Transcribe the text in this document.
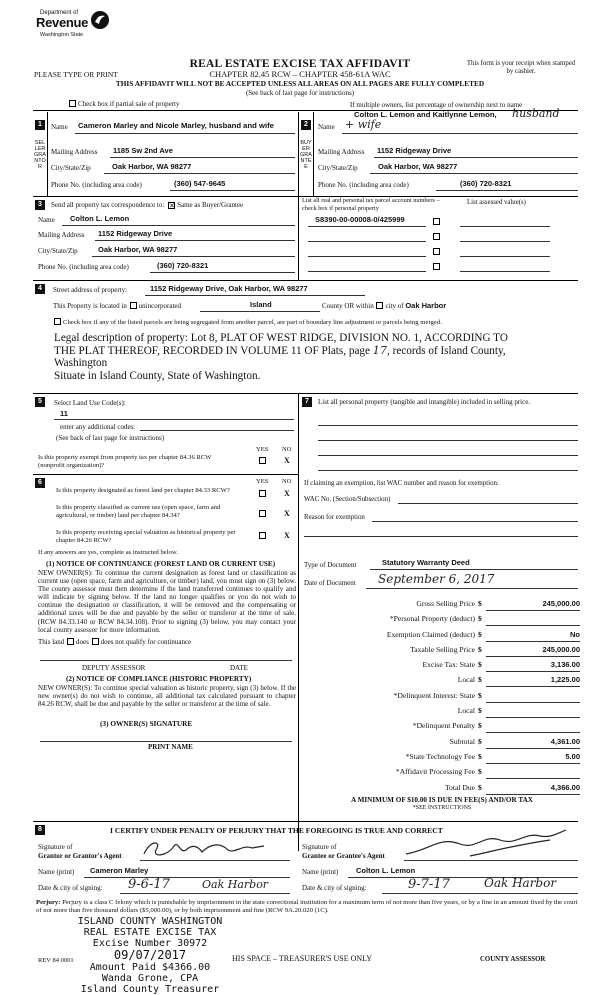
Department of
Revenue
Washington State
REAL ESTATE EXCISE TAX AFFIDAVIT
PLEASE TYPE OR PRINT	CHAPTER 82.45 RCW – CHAPTER 458-61A WAC
This form is your receipt when stamped by cashier.
THIS AFFIDAVIT WILL NOT BE ACCEPTED UNLESS ALL AREAS ON ALL PAGES ARE FULLY COMPLETED
(See back of last page for instructions)
Check box if partial sale of property	If multiple owners, list percentage of ownership next to name
1
SELLER GRANTOR
Name Cameron Marley and Nicole Marley, husband and wife
Mailing Address 1185 Sw 2nd Ave
City/State/Zip	Oak Harbor, WA 98277
Phone No. (including area code)	(360) 547-9645
2
BUYER GRANTEE
Colton L. Lemon and Kaitlynne Lemon, husband
Name + wife
Mailing Address 1152 Ridgeway Drive
City/State/Zip	Oak Harbor, WA 98277
Phone No. (including area code)	(360) 720-8321
3	Send all property tax correspondence to: ✕ Same as Buyer/Grantee
Name Colton L. Lemon
Mailing Address 1152 Ridgeway Drive
City/State/Zip	Oak Harbor, WA 98277
Phone No. (including area code)	(360) 720-8321
List all real and personal tax parcel account numbers – check box if personal property
List assessed value(s)
S8390-00-00008-0/425999
4	Street address of property:	1152 Ridgeway Drive, Oak Harbor, WA 98277
This Property is located in unincorporated	Island	County OR within city of Oak Harbor
Check box if any of the listed parcels are being segregated from another parcel, are part of boundary line adjustment or parcels being merged.
Legal description of property: Lot 8, PLAT OF WEST RIDGE, DIVISION NO. 1, ACCORDING TO
THE PLAT THEREOF, RECORDED IN VOLUME 11 OF Plats, page 17, records of Island County,
Washington
Situate in Island County, State of Washington.
5	Select Land Use Code(s):
11
enter any additional codes:
(See back of last page for instructions)
YES NO
Is this property exempt from property tax per chapter 84.36 RCW (nonprofit organization)?
X
6	YES NO
Is this property designated as forest land per chapter 84.33 RCW?	X
Is this property classified as current use (open space, farm and agricultural, or timber) land per chapter 84.34?	X
Is this property receiving special valuation as historical property per chapter 84.26 RCW?
X
If any answers are yes, complete as instructed below.
(1) NOTICE OF CONTINUANCE (FOREST LAND OR CURRENT USE)
NEW OWNER(S): To continue the current designation as forest land or classification as current use (open space, farm and agriculture, or timber) land, you must sign on (3) below. The county assessor must then determine if the land transferred continues to qualify and will indicate by signing below. If the land no longer qualifies or you do not wish to continue the designation or classification, it will be removed and the compensating or additional taxes will be due and payable by the seller or transferor at the time of sale. (RCW 84.33.140 or RCW 84.34.108). Prior to signing (3) below, you may contact your local county assessor for more information.
This land does does not qualify for continuance
DEPUTY ASSESSOR	DATE
(2) NOTICE OF COMPLIANCE (HISTORIC PROPERTY)
NEW OWNER(S): To continue special valuation as historic property, sign (3) below. If the new owner(s) do not wish to continue, all additional tax calculated pursuant to chapter 84.26 RCW, shall be due and payable by the seller or transferor at the time of sale.
(3) OWNER(S) SIGNATURE
PRINT NAME
7	List all personal property (tangible and intangible) included in selling price.
If claiming an exemption, list WAC number and reason for exemption:
WAC No. (Section/Subsection)
Reason for exemption
Type of Document	Statutory Warranty Deed
Date of Document September 6, 2017
Gross Selling Price $	245,000.00
*Personal Property (deduct) $
Exemption Claimed (deduct) $	No
Taxable Selling Price $	245,000.00
Excise Tax: State $	3,136.00
Local $	1,225.00
*Delinquent Interest: State $
Local $
*Delinquent Penalty $
Subtotal $	4,361.00
*State Technology Fee $	5.00
*Affidavit Processing Fee $
Total Due $	4,366.00
A MINIMUM OF $10.00 IS DUE IN FEE(S) AND/OR TAX
*SEE INSTRUCTIONS
8	I CERTIFY UNDER PENALTY OF PERJURY THAT THE FOREGOING IS TRUE AND CORRECT
Signature of
Grantor or Grantor's Agent
Name (print) Cameron Marley
Date & city of signing: 9-6-17	Oak Harbor
Signature of
Grantee or Grantee's Agent
Name (print) Colton L. Lemon
Date & city of signing:	9-7-17	Oak Harbor
Perjury: Perjury is a class C felony which is punishable by imprisonment in the state correctional institution for a maximum term of not more than five years, or by a fine in an amount fixed by the court of not more than five thousand dollars ($5,000.00), or by both imprisonment and fine (RCW 9A.20.020 (1C).
ISLAND COUNTY WASHINGTON
REAL ESTATE EXCISE TAX
Excise Number 30972
09/07/2017
Amount Paid $4366.00
Wanda Grone, CPA
Island County Treasurer
REV 84 0001	HIS SPACE – TREASURER'S USE ONLY	COUNTY ASSESSOR
